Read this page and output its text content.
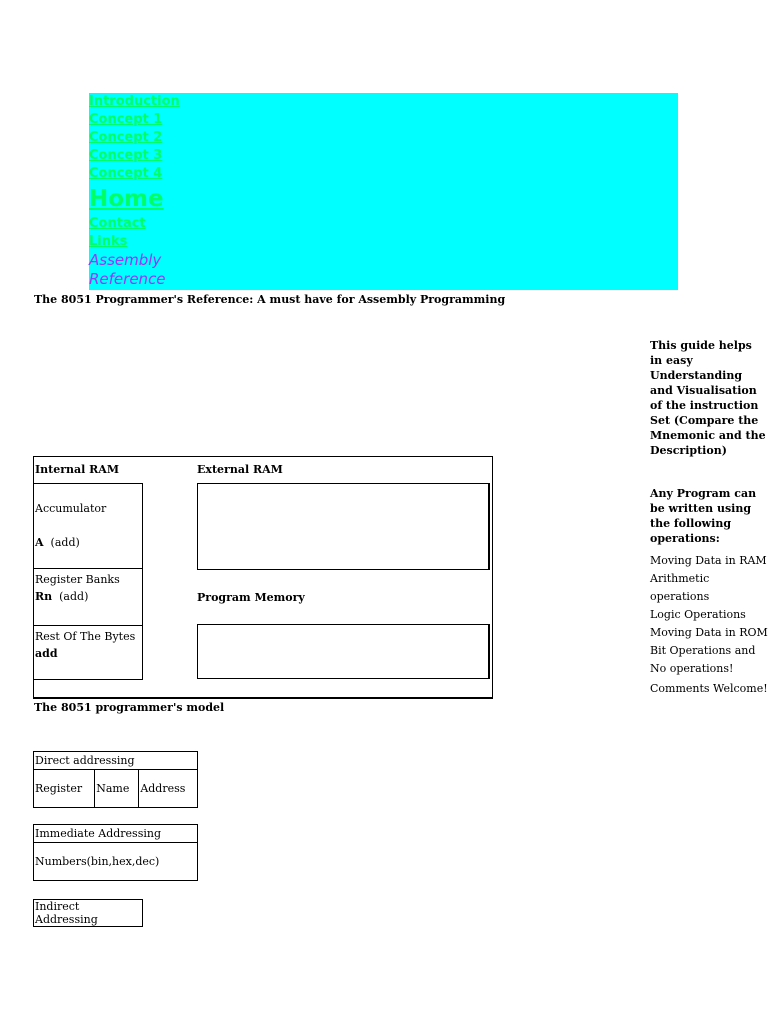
Introduction
Concept 1
Concept 2
Concept 3
Concept 4
Home
Contact
Links
Assembly
Reference
The 8051 Programmer's Reference: A must have for Assembly Programming
This guide helps in easy Understanding and Visualisation of the instruction Set (Compare the Mnemonic and the Description)
Any Program can be written using the following operations:
Moving Data in RAM
Arithmetic operations
Logic Operations
Moving Data in ROM
Bit Operations and
No operations!
Comments Welcome!
Internal RAM	External RAM
Accumulator
A (add)
Register Banks
Rn (add)
Rest Of The Bytes
add
Program Memory
The 8051 programmer's model
Direct addressing
Register	Name	Address
Immediate Addressing
Numbers(bin,hex,dec)
Indirect Addressing
